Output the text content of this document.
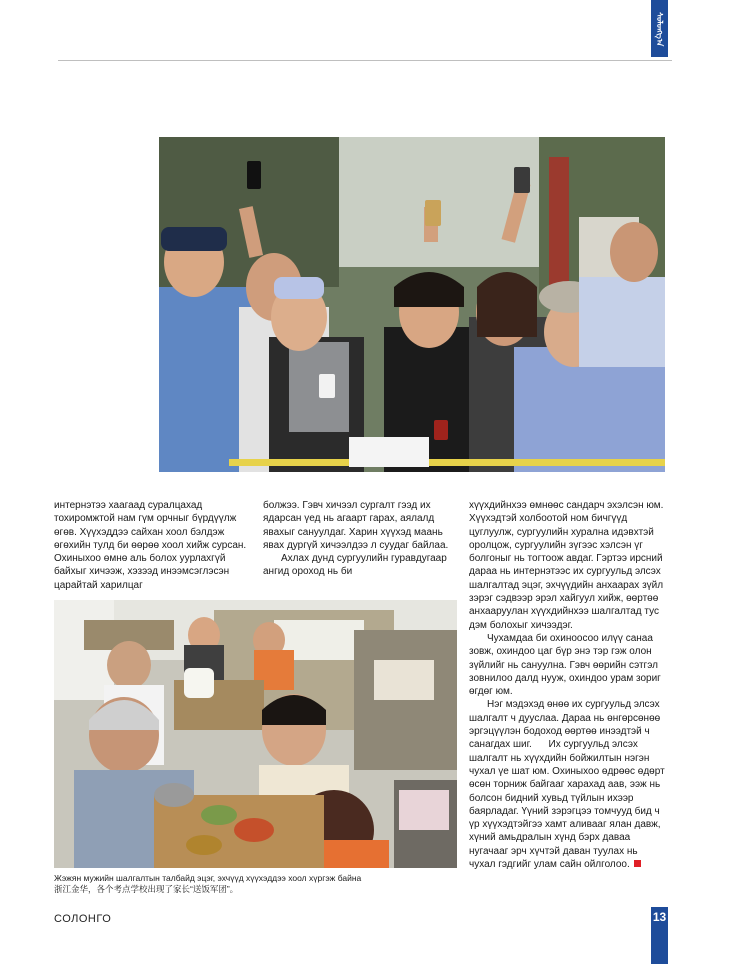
ᠰᠣᠯᠣᠩᠭ᠎ᠠ

интернэтээ хаагаад суралцахад тохиромжтой нам гүм орчныг бүрдүүлж өгөв. Хүүхэддээ сайхан хоол бэлдэж өгөхийн тулд би өөрөө хоол хийж сурсан. Охиныхоо өмнө аль болох уурлахгүй байхыг хичээж, хэзээд инээмсэглэсэн царайтай харилцаг

болжээ. Гэвч хичээл сургалт гээд их ядарсан үед нь агаарт гарах, аялалд явахыг сануулдаг. Харин хүүхэд маань явах дургүй хичээлдээ л суудаг байлаа.

Ахлах дунд сургуулийн гуравдугаар ангид ороход нь би

хүүхдийнхээ өмнөөс сандарч эхэлсэн юм. Хүүхэдтэй холбоотой ном бичгүүд цуглуулж, сургуулийн хурална идэвхтэй оролцож, сургуулийн зүгээс хэлсэн үг болгоныг нь тогтоож авдаг. Гэртээ ирсний дараа нь интернэтээс их сургуульд элсэх шалгалтад эцэг, эхчүүдийн анхаарах зүйл зэрэг сэдвээр эрэл хайгуул хийж, өөртөө анхааруулан хүүхдийнхээ шалгалтад тус дэм болохыг хичээдэг.

Чухамдаа би охиноосоо илүү санаа зовж, охиндоо цаг бүр энэ тэр гэж олон зүйлийг нь сануулна. Гэвч өөрийн сэтгэл зовнилоо далд нууж, охиндоо урам зориг өгдөг юм.

Нэг мэдэхэд өнөө их сургуульд элсэх шалгалт ч дууслаа. Дараа нь өнгөрсөнөө эргэцүүлэн бодоход өөртөө инээдтэй ч санагдах шиг.      Их сургуульд элсэх шалгалт нь хүүхдийн бойжилтын нэгэн чухал үе шат юм. Охиныхоо өдрөөс өдөрт өсөн торниж байгааг харахад аав, ээж нь болсон бидний хувьд түйлын ихээр баярладаг. Үүний зэрэгцээ томчууд бид ч үр хүүхэдтэйгээ хамт аливааг ялан давж, хүний амьдралын хүнд бэрх даваа нугачааг эрч хүчтэй даван туулах нь чухал гэдгийг улам сайн ойлголоо.

Жэжян мужийн шалгалтын талбайд эцэг, эхчүүд хүүхэддээ хоол хүргэж байна
浙江金华，各个考点学校出现了家长“送饭军团”。
СОЛОНГО	13
